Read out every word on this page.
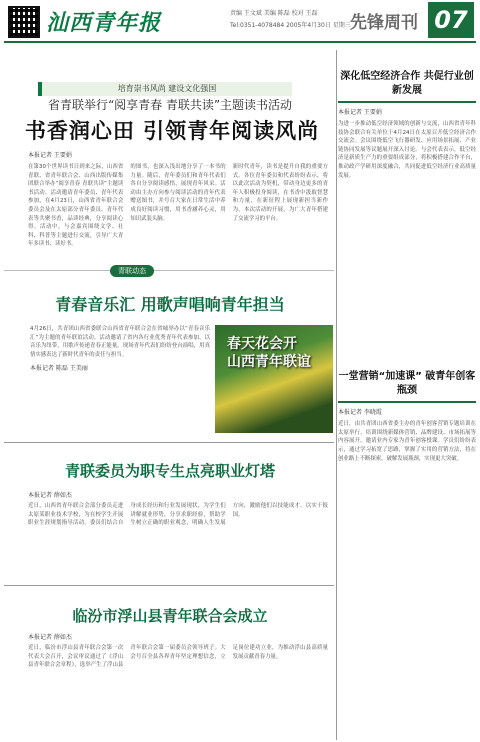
汕西青年报	责编 王文斌 美编 陈磊 校对 王磊
Tel:0351-4078484 2005年4月30日 星期三 先锋周刊 07
培育崇书风尚 建设文化强国
省青联举行“阅享青春 青联共读”主题读书活动
书香润心田 引领青年阅读风尚
本报记者 王要娟
在第30个世界读书日到来之际，山西省青联、省青年联合会、山西出版传媒集团联合举办“阅享青春 青联共读”主题读书活动。活动邀请青年委员、青年代表参加，在4月23日，山西省青年联合会委员会及在太原部分青年委员、青年代表等共聚书香，品读经典，分享阅读心得。活动中，与会嘉宾围绕文学、社科、科普等主题进行交流，引导广大青年多读书、读好书。
的图书，也深入浅出地分享了一本书的力量。随后，青年委员们和青年代表们各自分享阅读感悟，展现青年风采。活动由主办方向参与阅读活动的青年代表赠送图书，并号召大家在日常生活中养成良好阅读习惯，用书香涵养心灵，用知识武装头脑。
新时代青年，读书是提升自我的重要方式。各位青年委员和代表纷纷表示，将以此次活动为契机，带动身边更多的青年人积极投身阅读，在书香中汲取智慧和力量，在新征程上展现新担当新作为。本次活动的开展，为广大青年搭建了交流学习的平台。
青联动态
青春音乐汇 用歌声唱响青年担当
4月26日，共青团山西省委联合山西省青年联合会在省城举办以“青春音乐汇”为主题的青年联谊活动。活动邀请了省内各行业优秀青年代表参加，以音乐为纽带，用歌声传递青春正能量。现场青年代表们纷纷登台演唱，用真情实感表达了新时代青年的责任与担当。
本报记者 陈磊 王美丽
春天花会开
山西青年联谊
青联委员为职专生点亮职业灯塔
本报记者 薛如杰
近日，山西省青年联合会部分委员走进太原某职业技术学校，为在校学生开展职业生涯规划指导活动。委员们结合自身成长经历和行业发展现状，为学生们讲解就业形势，分享求职经验，帮助学生树立正确的职业观念，明确人生发展方向，激励他们以技能成才、以实干报国。
临汾市浮山县青年联合会成立
本报记者 薛如杰
近日，临汾市浮山县青年联合会第一次代表大会召开，会议审议通过了《浮山县青年联合会章程》，选举产生了浮山县青年联合会第一届委员会领导班子。大会号召全县各界青年坚定理想信念，立足岗位建功立业，为推动浮山县高质量发展贡献青春力量。
深化低空经济合作 共促行业创新发展
本报记者 王要娟
为进一步推动低空经济领域的创新与交流，山西省青年科技协会联合有关单位于4月24日在太原召开低空经济合作交流会。会议围绕低空飞行器研发、应用场景拓展、产业链协同发展等议题展开深入讨论。与会代表表示，低空经济是新质生产力的重要组成部分，将积极搭建合作平台，推动政产学研用深度融合，共同促进低空经济行业高质量发展。
一堂营销“加速课” 破青年创客瓶颈
本报记者 李晓霞
近日，由共青团山西省委主办的青年创客营销专题培训在太原举行。培训围绕新媒体营销、品牌建设、市场拓展等内容展开，邀请业内专家为青年创客授课。学员们纷纷表示，通过学习拓宽了思路，掌握了实用的营销方法，将在创业路上不断探索，破解发展瓶颈，实现更大突破。
